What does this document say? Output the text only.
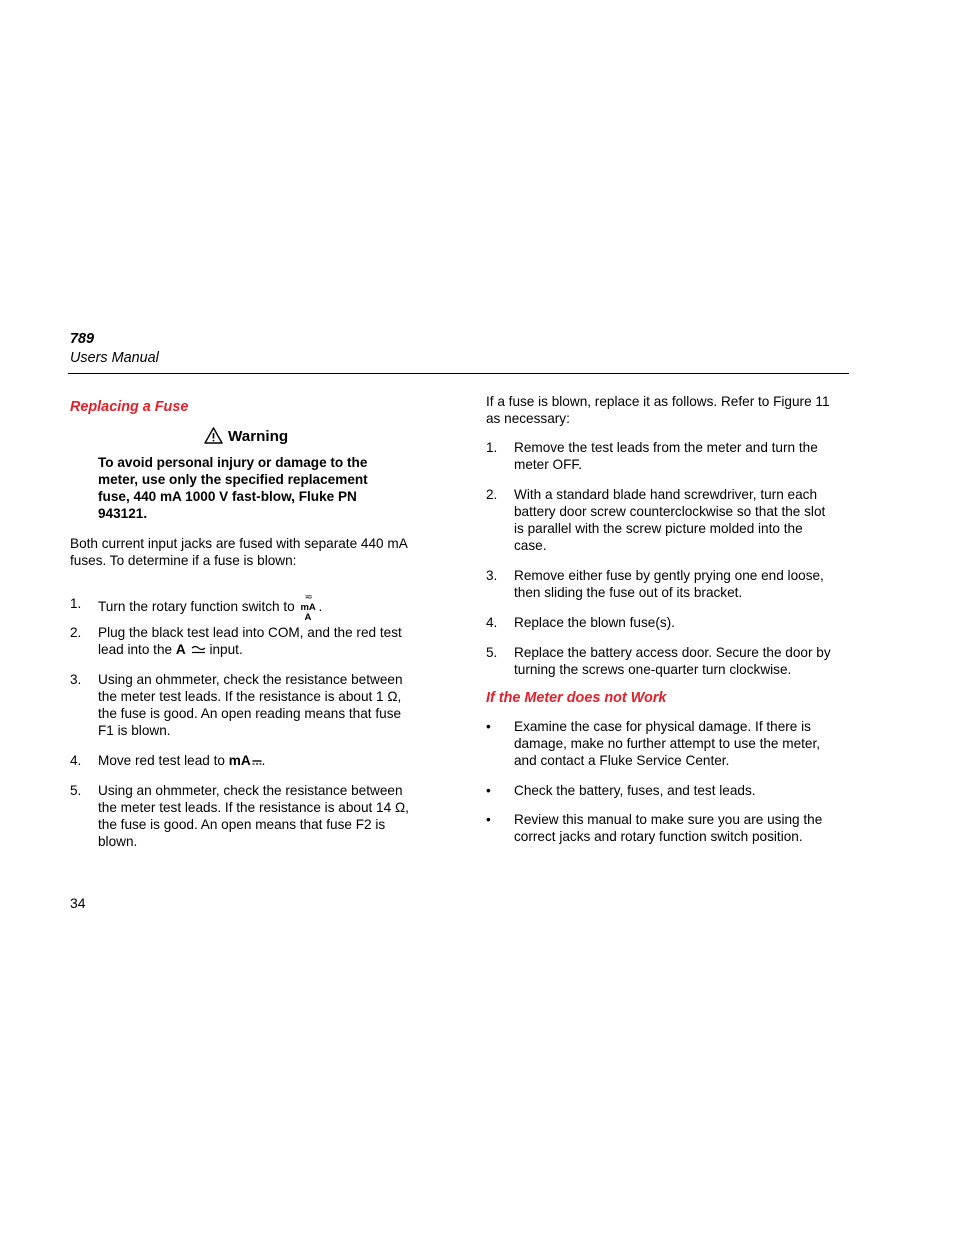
789
Users Manual
Replacing a Fuse
Warning
To avoid personal injury or damage to the
meter, use only the specified replacement
fuse, 440 mA 1000 V fast-blow, Fluke PN
943121.
Both current input jacks are fused with separate 440 mA
fuses. To determine if a fuse is blown:
1. Turn the rotary function switch to
≂
mA
A
.
2. Plug the black test lead into COM, and the red test
lead into the A input.
3. Using an ohmmeter, check the resistance between
the meter test leads. If the resistance is about 1 Ω,
the fuse is good. An open reading means that fuse
F1 is blown.
4. Move red test lead to mA .
5. Using an ohmmeter, check the resistance between
the meter test leads. If the resistance is about 14 Ω,
the fuse is good. An open means that fuse F2 is
blown.
If a fuse is blown, replace it as follows. Refer to Figure 11
as necessary:
1. Remove the test leads from the meter and turn the
meter OFF.
2. With a standard blade hand screwdriver, turn each
battery door screw counterclockwise so that the slot
is parallel with the screw picture molded into the
case.
3. Remove either fuse by gently prying one end loose,
then sliding the fuse out of its bracket.
4. Replace the blown fuse(s).
5. Replace the battery access door. Secure the door by
turning the screws one-quarter turn clockwise.
If the Meter does not Work
• Examine the case for physical damage. If there is
damage, make no further attempt to use the meter,
and contact a Fluke Service Center.
• Check the battery, fuses, and test leads.
• Review this manual to make sure you are using the
correct jacks and rotary function switch position.
34
